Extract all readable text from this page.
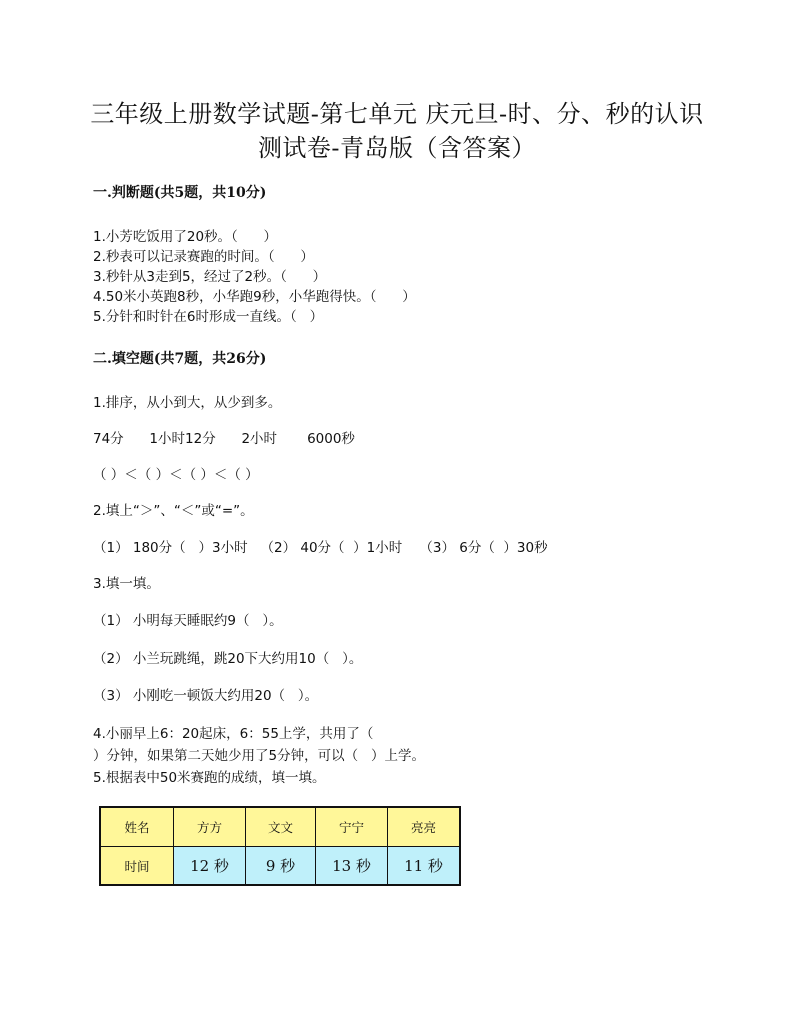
三年级上册数学试题-第七单元 庆元旦-时、分、秒的认识
测试卷-青岛版（含答案）
一.判断题(共5题，共10分)
1.小芳吃饭用了20秒。（      ）
2.秒表可以记录赛跑的时间。（      ）
3.秒针从3走到5，经过了2秒。（      ）
4.50米小英跑8秒，小华跑9秒，小华跑得快。（      ）
5.分针和时针在6时形成一直线。（   ）
二.填空题(共7题，共26分)
1.排序，从小到大，从少到多。
74分      1小时12分      2小时       6000秒
（ ）＜（ ）＜（ ）＜（ ）
2.填上“＞”、“＜”或“=”。
（1） 180分（   ）3小时   （2） 40分（  ）1小时    （3） 6分（  ）30秒
3.填一填。
（1） 小明每天睡眠约9（   ）。
（2） 小兰玩跳绳，跳20下大约用10（   ）。
（3） 小刚吃一顿饭大约用20（   ）。
4.小丽早上6：20起床，6：55上学，共用了（
）分钟，如果第二天她少用了5分钟，可以（   ）上学。
5.根据表中50米赛跑的成绩，填一填。
姓名	方方	文文	宁宁	亮亮
时间	12 秒	9 秒	13 秒	11 秒
